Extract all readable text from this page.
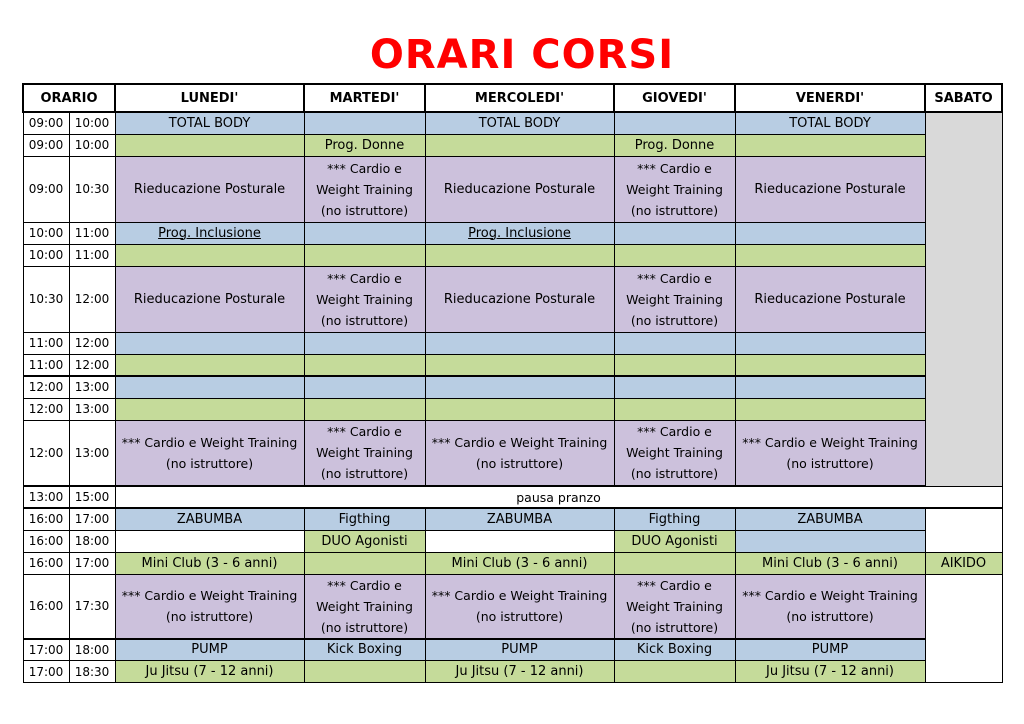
ORARI CORSI
ORARIO		LUNEDI'	MARTEDI'	MERCOLEDI'	GIOVEDI'	VENERDI'	SABATO
09:00	10:00	TOTAL BODY		TOTAL BODY		TOTAL BODY	
09:00	10:00		Prog. Donne		Prog. Donne		
09:00	10:30	Rieducazione Posturale	*** Cardio e Weight Training (no istruttore)	Rieducazione Posturale	*** Cardio e Weight Training (no istruttore)	Rieducazione Posturale	
10:00	11:00	Prog. Inclusione		Prog. Inclusione			
10:00	11:00						
10:30	12:00	Rieducazione Posturale	*** Cardio e Weight Training (no istruttore)	Rieducazione Posturale	*** Cardio e Weight Training (no istruttore)	Rieducazione Posturale	
11:00	12:00						
11:00	12:00						
12:00	13:00						
12:00	13:00						
12:00	13:00	*** Cardio e Weight Training (no istruttore)	*** Cardio e Weight Training (no istruttore)	*** Cardio e Weight Training (no istruttore)	*** Cardio e Weight Training (no istruttore)	*** Cardio e Weight Training (no istruttore)	
13:00	15:00	pausa pranzo					
16:00	17:00	ZABUMBA	Figthing	ZABUMBA	Figthing	ZABUMBA	
16:00	18:00		DUO Agonisti		DUO Agonisti		
16:00	17:00	Mini Club (3 - 6 anni)		Mini Club (3 - 6 anni)		Mini Club (3 - 6 anni)	AIKIDO
16:00	17:30	*** Cardio e Weight Training (no istruttore)	*** Cardio e Weight Training (no istruttore)	*** Cardio e Weight Training (no istruttore)	*** Cardio e Weight Training (no istruttore)	*** Cardio e Weight Training (no istruttore)	
17:00	18:00	PUMP	Kick Boxing	PUMP	Kick Boxing	PUMP	
17:00	18:30	Ju Jitsu (7 - 12 anni)		Ju Jitsu (7 - 12 anni)		Ju Jitsu (7 - 12 anni)	
